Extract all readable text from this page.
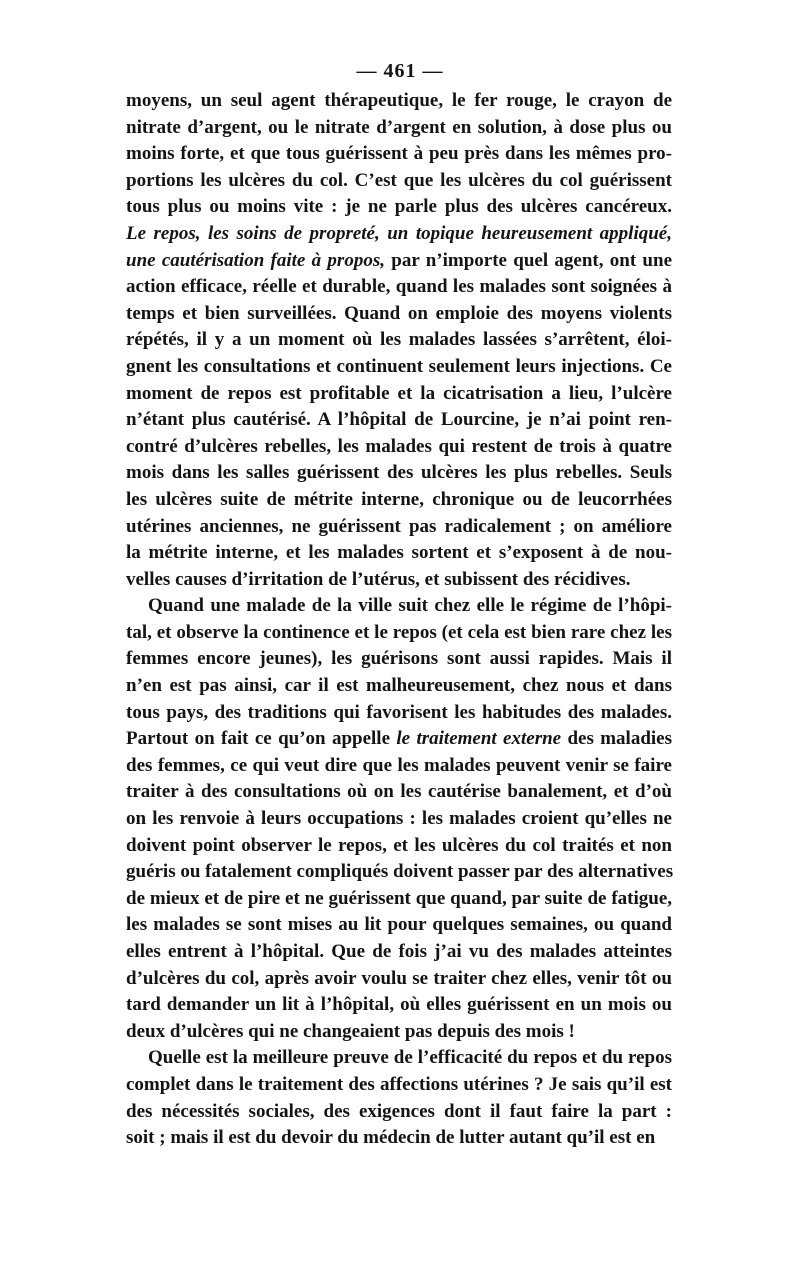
— 461 —
moyens, un seul agent thérapeutique, le fer rouge, le crayon de
nitrate d’argent, ou le nitrate d’argent en solution, à dose plus ou
moins forte, et que tous guérissent à peu près dans les mêmes pro-
portions les ulcères du col. C’est que les ulcères du col guérissent
tous plus ou moins vite : je ne parle plus des ulcères cancéreux.
Le repos, les soins de propreté, un topique heureusement appliqué,
une cautérisation faite à propos, par n’importe quel agent, ont une
action efficace, réelle et durable, quand les malades sont soignées à
temps et bien surveillées. Quand on emploie des moyens violents
répétés, il y a un moment où les malades lassées s’arrêtent, éloi-
gnent les consultations et continuent seulement leurs injections. Ce
moment de repos est profitable et la cicatrisation a lieu, l’ulcère
n’étant plus cautérisé. A l’hôpital de Lourcine, je n’ai point ren-
contré d’ulcères rebelles, les malades qui restent de trois à quatre
mois dans les salles guérissent des ulcères les plus rebelles. Seuls
les ulcères suite de métrite interne, chronique ou de leucorrhées
utérines anciennes, ne guérissent pas radicalement ; on améliore
la métrite interne, et les malades sortent et s’exposent à de nou-
velles causes d’irritation de l’utérus, et subissent des récidives.
Quand une malade de la ville suit chez elle le régime de l’hôpi-
tal, et observe la continence et le repos (et cela est bien rare chez les
femmes encore jeunes), les guérisons sont aussi rapides. Mais il
n’en est pas ainsi, car il est malheureusement, chez nous et dans
tous pays, des traditions qui favorisent les habitudes des malades.
Partout on fait ce qu’on appelle le traitement externe des maladies
des femmes, ce qui veut dire que les malades peuvent venir se faire
traiter à des consultations où on les cautérise banalement, et d’où
on les renvoie à leurs occupations : les malades croient qu’elles ne
doivent point observer le repos, et les ulcères du col traités et non
guéris ou fatalement compliqués doivent passer par des alternatives
de mieux et de pire et ne guérissent que quand, par suite de fatigue,
les malades se sont mises au lit pour quelques semaines, ou quand
elles entrent à l’hôpital. Que de fois j’ai vu des malades atteintes
d’ulcères du col, après avoir voulu se traiter chez elles, venir tôt ou
tard demander un lit à l’hôpital, où elles guérissent en un mois ou
deux d’ulcères qui ne changeaient pas depuis des mois !
Quelle est la meilleure preuve de l’efficacité du repos et du repos
complet dans le traitement des affections utérines ? Je sais qu’il est
des nécessités sociales, des exigences dont il faut faire la part :
soit ; mais il est du devoir du médecin de lutter autant qu’il est en
